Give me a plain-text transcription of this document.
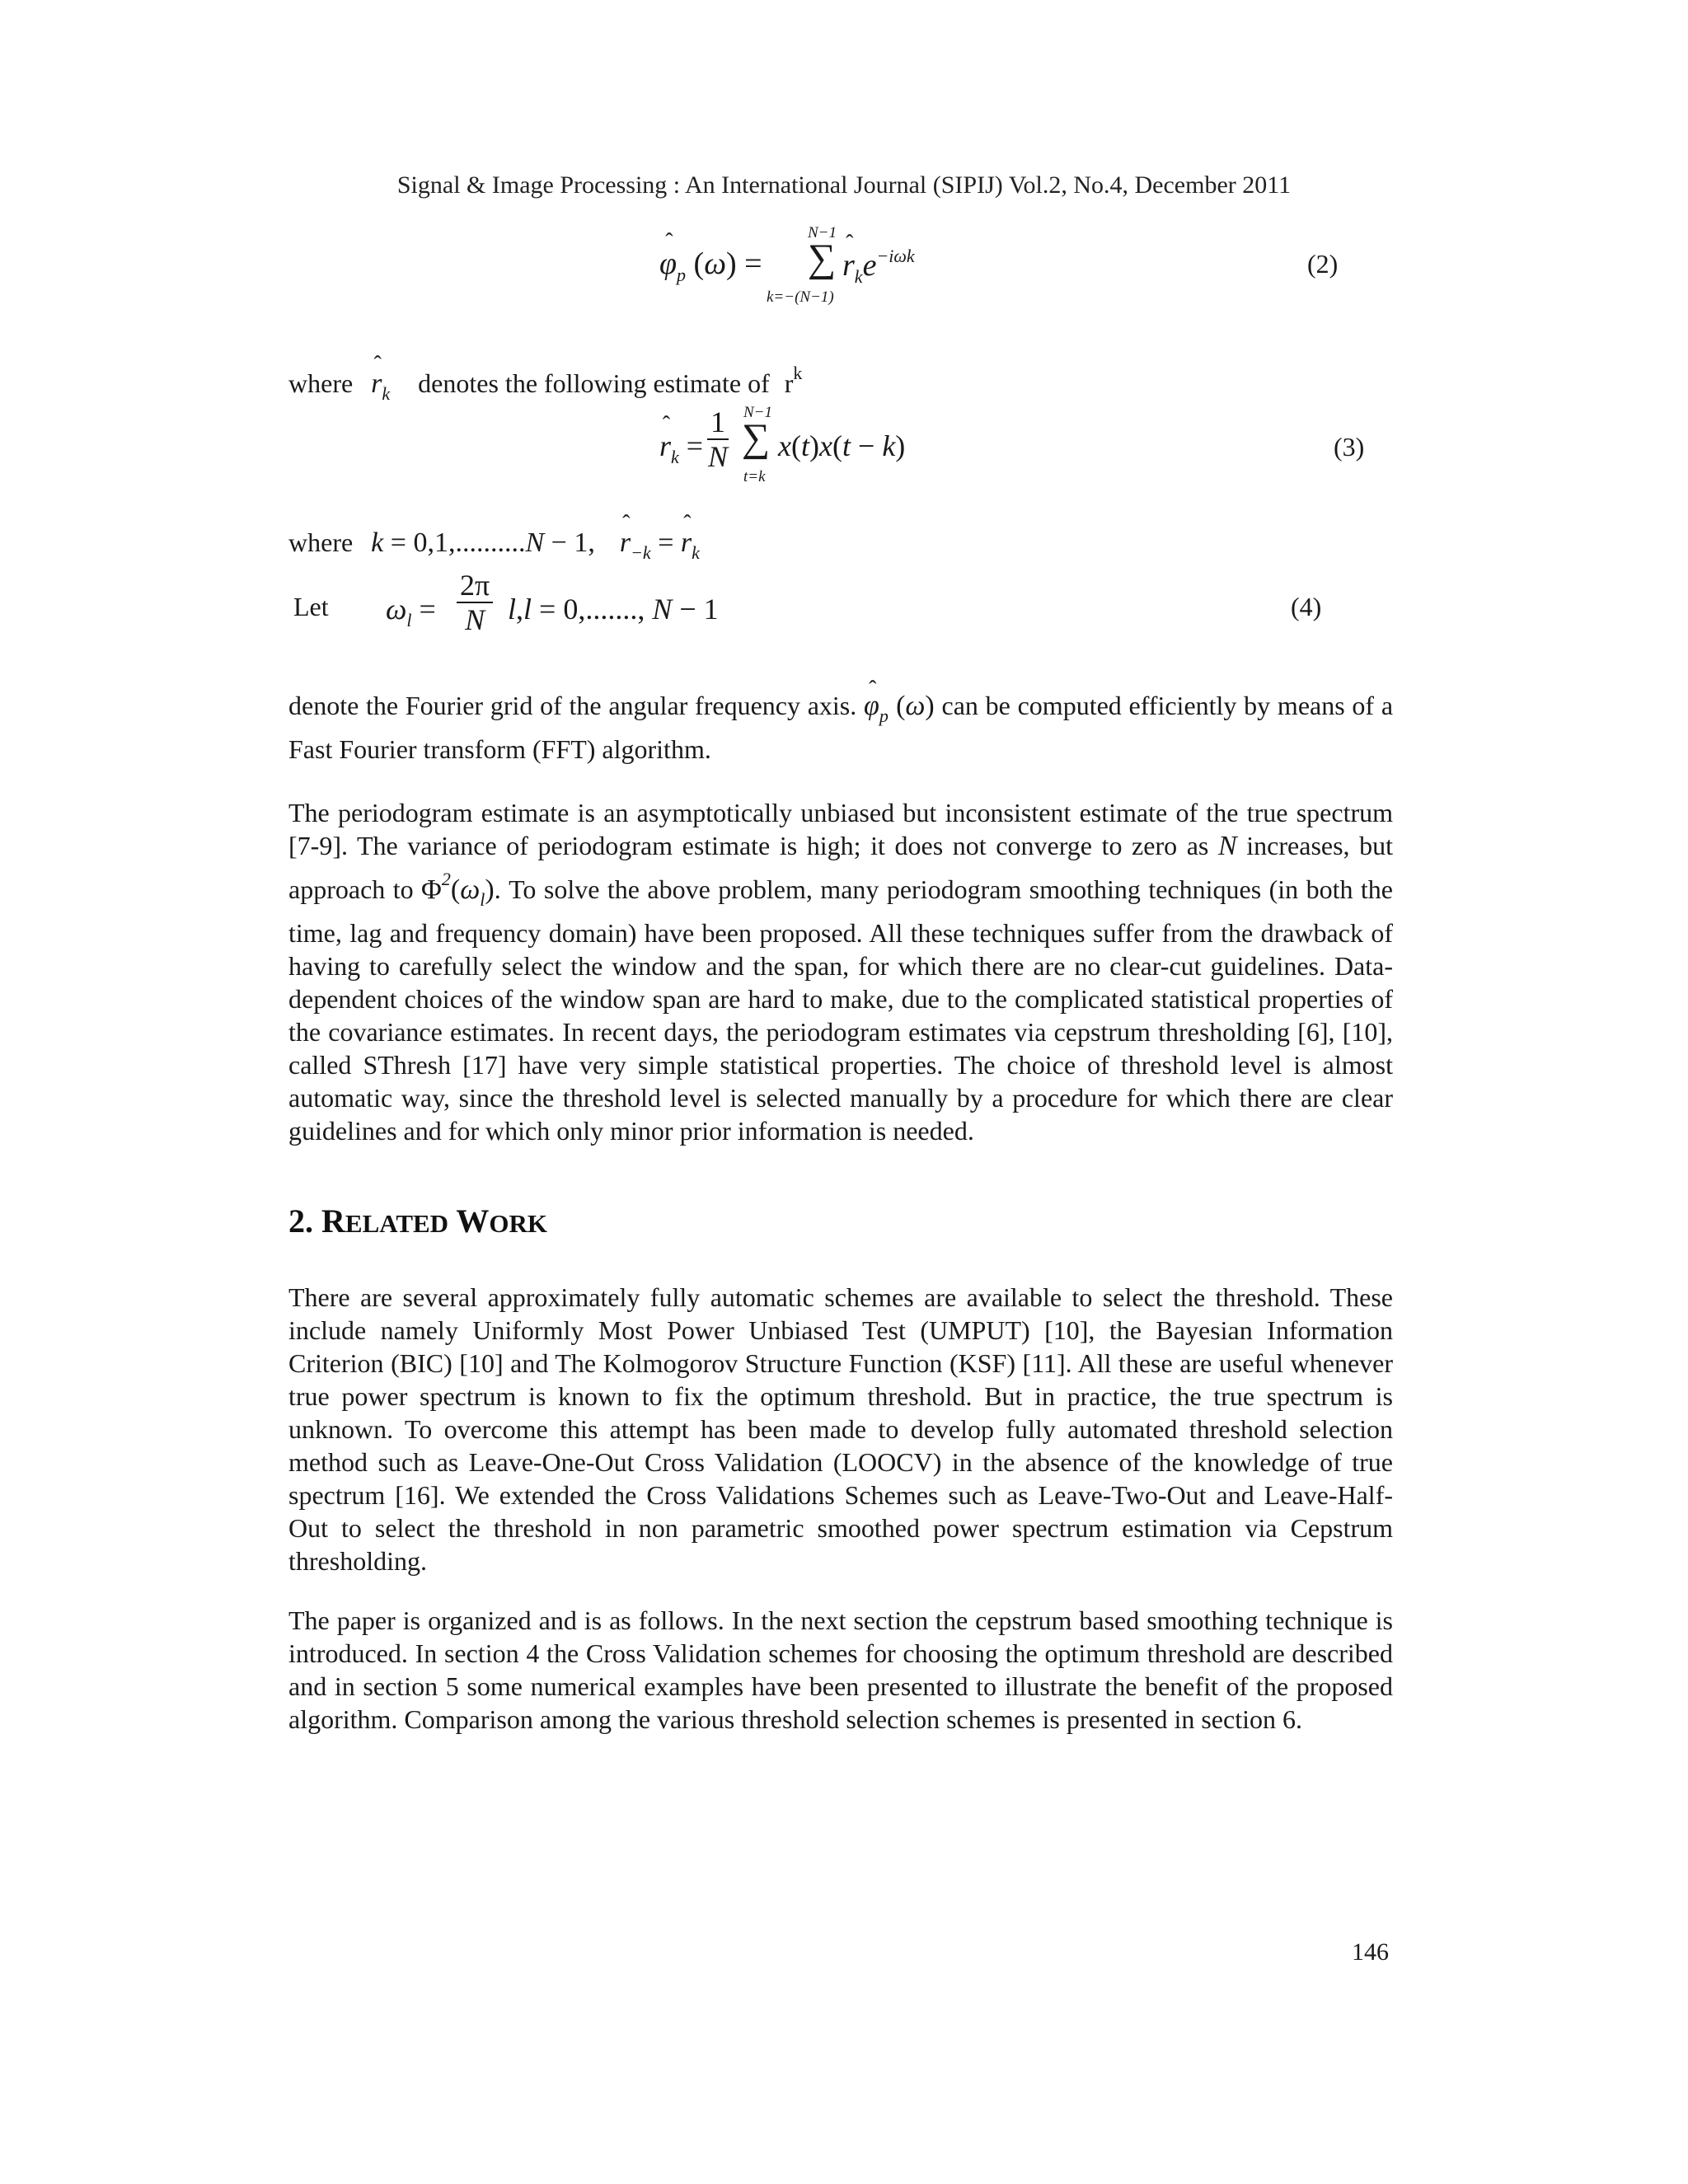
Signal & Image Processing : An International Journal (SIPIJ) Vol.2, No.4, December 2011
ˆ $\varphi_p$ (ω) =
N−1
∑ ˆ $r_ke^{-i\omega k}$
k=−(N−1)
(2)
where ˆ $r_k$ denotes the following estimate of $r^k$
ˆ $r_k = \frac{1}{N} N-1$
∑
t=k
x(t)x(t − k)	(3)
where k = 0,1,..........N − 1, ˆ $r_{-k}$ = ˆ $r_k$
Let $\omega_l = \frac{2\pi}{N} l,l = 0$,......., N − 1	(4)
denote the Fourier grid of the angular frequency axis. ˆ $\varphi_p$ (ω) can be computed efficiently by means of a Fast Fourier transform (FFT) algorithm.
The periodogram estimate is an asymptotically unbiased but inconsistent estimate of the true spectrum [7-9]. The variance of periodogram estimate is high; it does not converge to zero as N increases, but approach to $\Phi^2(\omega_l)$. To solve the above problem, many periodogram smoothing techniques (in both the time, lag and frequency domain) have been proposed. All these techniques suffer from the drawback of having to carefully select the window and the span, for which there are no clear-cut guidelines. Data-dependent choices of the window span are hard to make, due to the complicated statistical properties of the covariance estimates. In recent days, the periodogram estimates via cepstrum thresholding [6], [10], called SThresh [17] have very simple statistical properties. The choice of threshold level is almost automatic way, since the threshold level is selected manually by a procedure for which there are clear guidelines and for which only minor prior information is needed.
2. RELATED WORK
There are several approximately fully automatic schemes are available to select the threshold. These include namely Uniformly Most Power Unbiased Test (UMPUT) [10], the Bayesian Information Criterion (BIC) [10] and The Kolmogorov Structure Function (KSF) [11]. All these are useful whenever true power spectrum is known to fix the optimum threshold. But in practice, the true spectrum is unknown. To overcome this attempt has been made to develop fully automated threshold selection method such as Leave-One-Out Cross Validation (LOOCV) in the absence of the knowledge of true spectrum [16]. We extended the Cross Validations Schemes such as Leave-Two-Out and Leave-Half-Out to select the threshold in non parametric smoothed power spectrum estimation via Cepstrum thresholding.
The paper is organized and is as follows. In the next section the cepstrum based smoothing technique is introduced. In section 4 the Cross Validation schemes for choosing the optimum threshold are described and in section 5 some numerical examples have been presented to illustrate the benefit of the proposed algorithm. Comparison among the various threshold selection schemes is presented in section 6.
146
